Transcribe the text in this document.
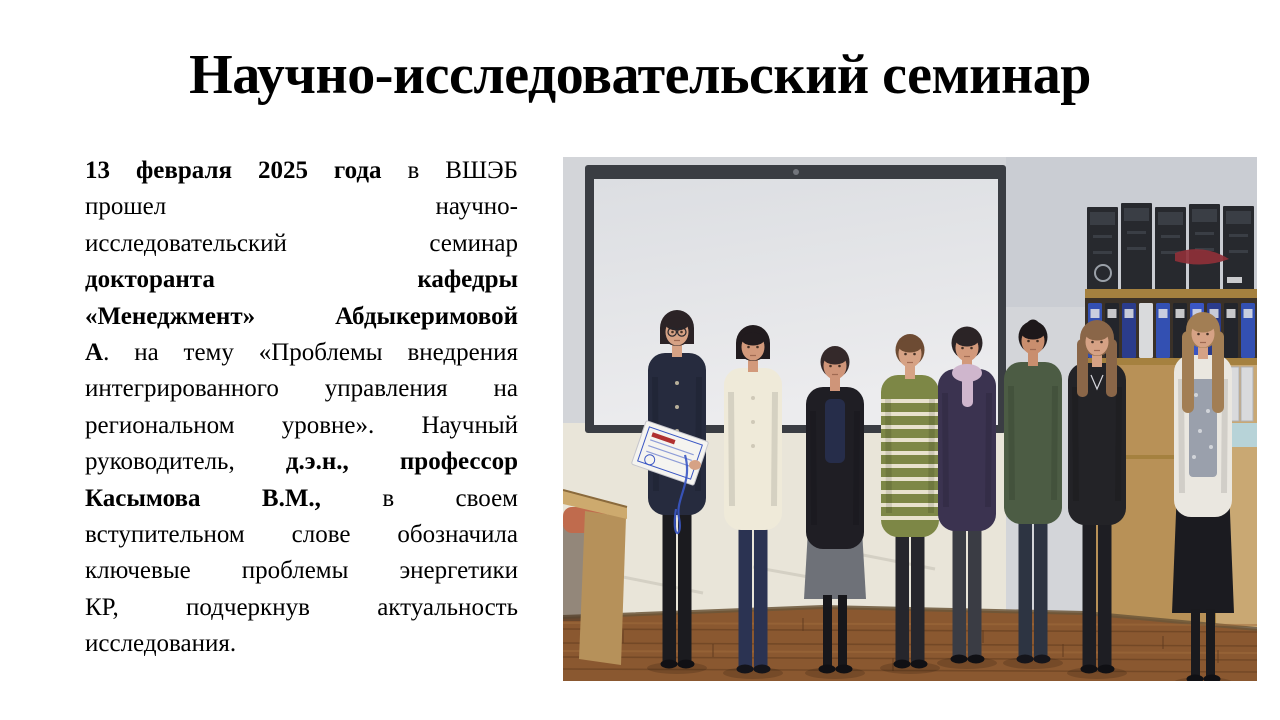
Научно-исследовательский семинар
13 февраля 2025 года в ВШЭБ
прошел научно-
исследовательский семинар
докторанта кафедры
«Менеджмент» Абдыкеримовой
А. на тему «Проблемы внедрения
интегрированного управления на
региональном уровне». Научный
руководитель, д.э.н., профессор
Касымова В.М., в своем
вступительном слове обозначила
ключевые проблемы энергетики
КР, подчеркнув актуальность
исследования.
